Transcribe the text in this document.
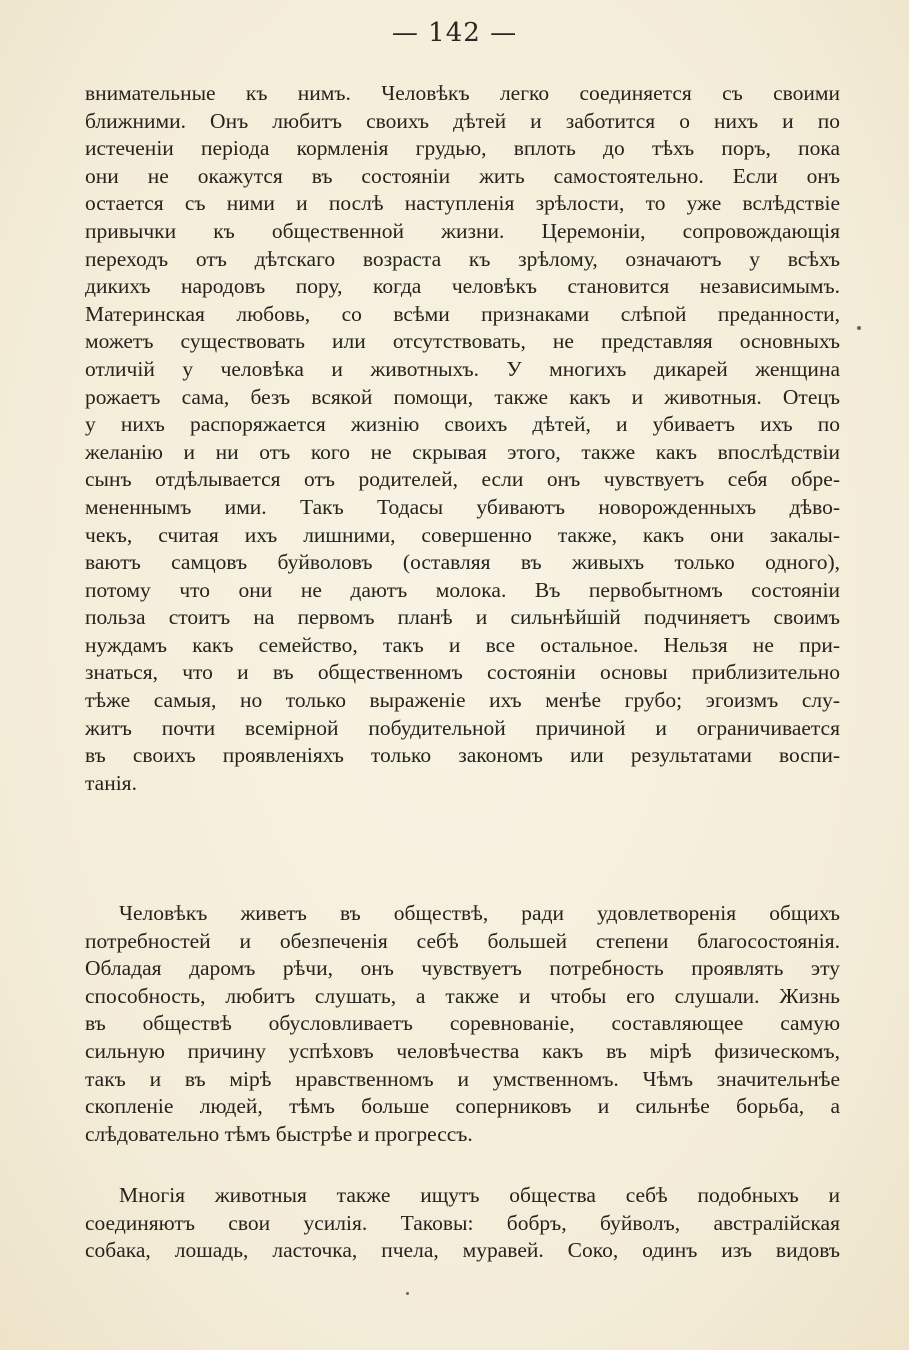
— 142 —
внимательные къ нимъ. Человѣкъ легко соединяется съ своими
ближними. Онъ любитъ своихъ дѣтей и заботится о нихъ и по
истеченіи періода кормленія грудью, вплоть до тѣхъ поръ, пока
они не окажутся въ состояніи жить самостоятельно. Если онъ
остается съ ними и послѣ наступленія зрѣлости, то уже вслѣдствіе
привычки къ общественной жизни. Церемоніи, сопровождающія
переходъ отъ дѣтскаго возраста къ зрѣлому, означаютъ у всѣхъ
дикихъ народовъ пору, когда человѣкъ становится независимымъ.
Материнская любовь, со всѣми признаками слѣпой преданности,
можетъ существовать или отсутствовать, не представляя основныхъ
отличій у человѣка и животныхъ. У многихъ дикарей женщина
рожаетъ сама, безъ всякой помощи, также какъ и животныя. Отецъ
у нихъ распоряжается жизнію своихъ дѣтей, и убиваетъ ихъ по
желанію и ни отъ кого не скрывая этого, также какъ впослѣдствіи
сынъ отдѣлывается отъ родителей, если онъ чувствуетъ себя обре-
мененнымъ ими. Такъ Тодасы убиваютъ новорожденныхъ дѣво-
чекъ, считая ихъ лишними, совершенно также, какъ они закалы-
ваютъ самцовъ буйволовъ (оставляя въ живыхъ только одного),
потому что они не даютъ молока. Въ первобытномъ состояніи
польза стоитъ на первомъ планѣ и сильнѣйшій подчиняетъ своимъ
нуждамъ какъ семейство, такъ и все остальное. Нельзя не при-
знаться, что и въ общественномъ состояніи основы приблизительно
тѣже самыя, но только выраженіе ихъ менѣе грубо; эгоизмъ слу-
житъ почти всемірной побудительной причиной и ограничивается
въ своихъ проявленіяхъ только закономъ или результатами воспи-
танія.
Человѣкъ живетъ въ обществѣ, ради удовлетворенія общихъ
потребностей и обезпеченія себѣ большей степени благосостоянія.
Обладая даромъ рѣчи, онъ чувствуетъ потребность проявлять эту
способность, любитъ слушать, а также и чтобы его слушали. Жизнь
въ обществѣ обусловливаетъ соревнованіе, составляющее самую
сильную причину успѣховъ человѣчества какъ въ мірѣ физическомъ,
такъ и въ мірѣ нравственномъ и умственномъ. Чѣмъ значительнѣе
скопленіе людей, тѣмъ больше соперниковъ и сильнѣе борьба, а
слѣдовательно тѣмъ быстрѣе и прогрессъ.
Многія животныя также ищутъ общества себѣ подобныхъ и
соединяютъ свои усилія. Таковы: бобръ, буйволъ, австралійская
собака, лошадь, ласточка, пчела, муравей. Соко, одинъ изъ видовъ
